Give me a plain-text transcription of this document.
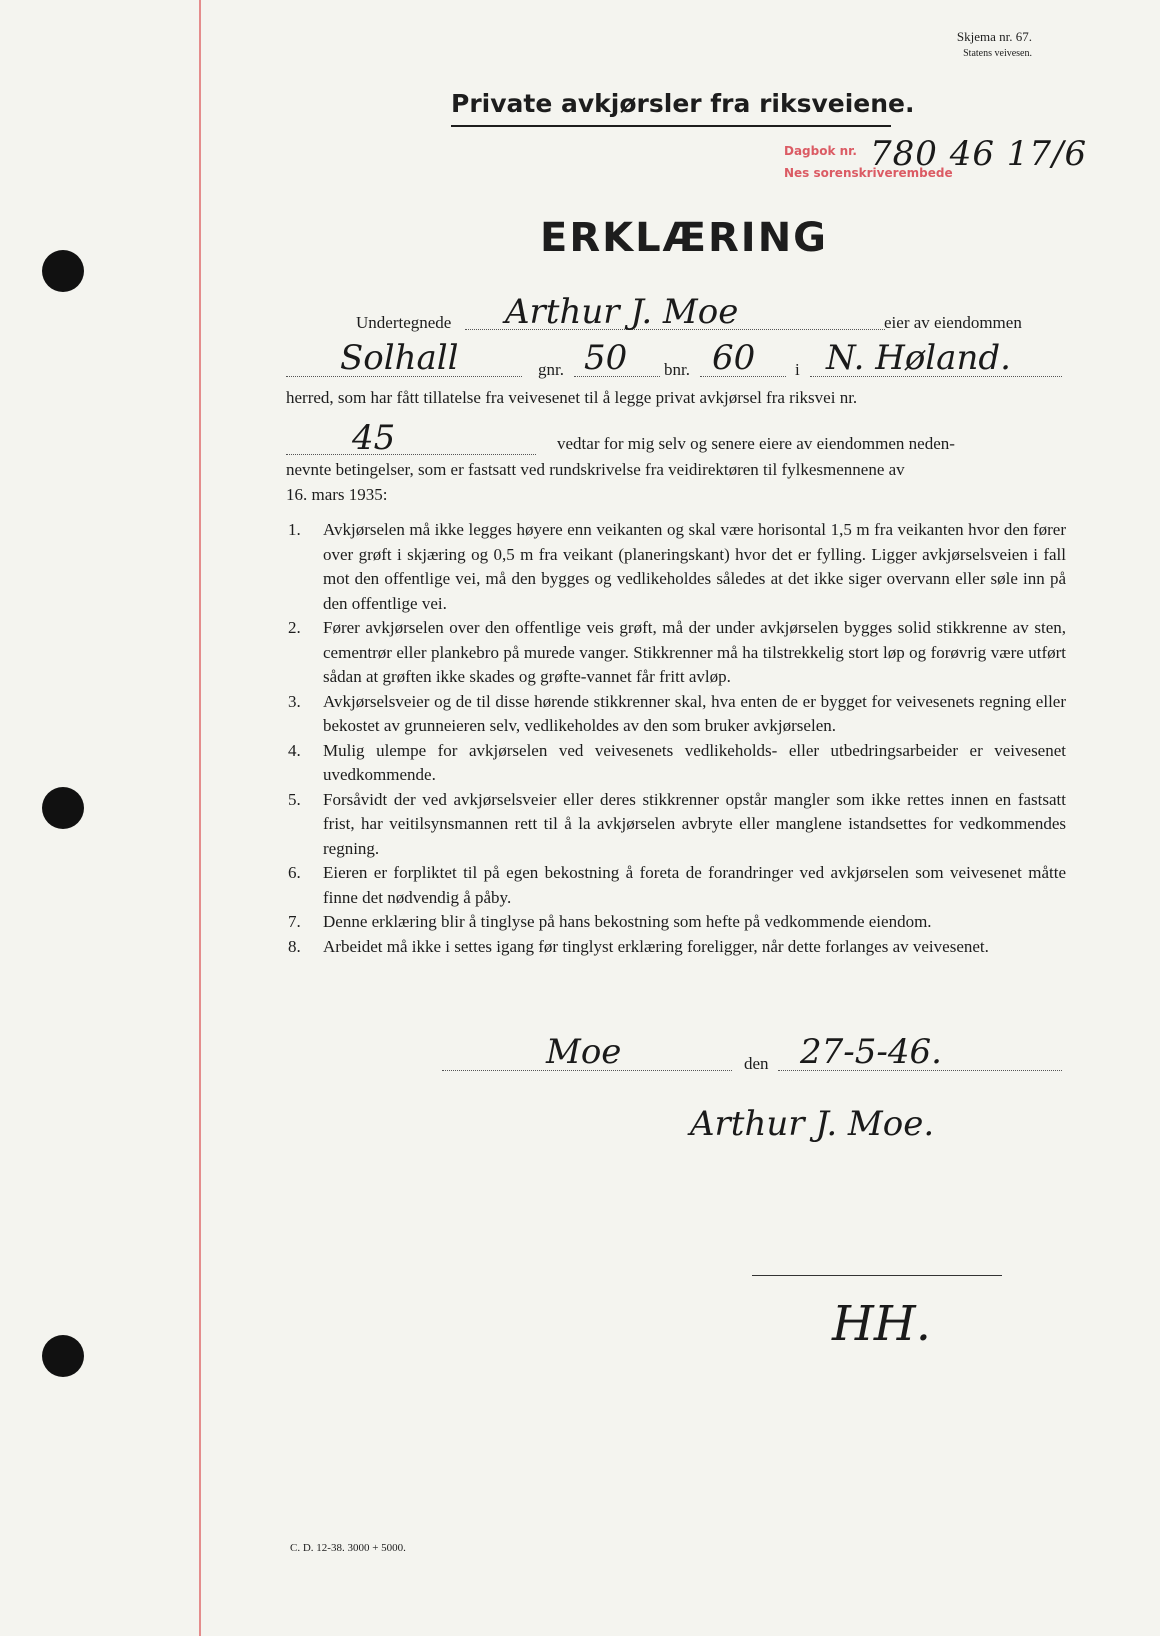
Skjema nr. 67.
Statens veivesen.
Private avkjørsler fra riksveiene.
Dagbok nr.
Nes sorenskriverembede
780 46 17/6
ERKLÆRING
Undertegnede Arthur J. Moe	eier av eiendommen
Solhall	gnr. 50 bnr. 60 i N. Høland.
herred, som har fått tillatelse fra veivesenet til å legge privat avkjørsel fra riksvei nr.
45	vedtar for mig selv og senere eiere av eiendommen neden-
nevnte betingelser, som er fastsatt ved rundskrivelse fra veidirektøren til fylkesmennene av
16. mars 1935:
1. Avkjørselen må ikke legges høyere enn veikanten og skal være horisontal 1,5 m fra veikanten hvor den fører over grøft i skjæring og 0,5 m fra veikant (planeringskant) hvor det er fylling. Ligger avkjørselsveien i fall mot den offentlige vei, må den bygges og vedlikeholdes således at det ikke siger overvann eller søle inn på den offentlige vei.
2. Fører avkjørselen over den offentlige veis grøft, må der under avkjørselen bygges solid stikkrenne av sten, cementrør eller plankebro på murede vanger. Stikkrenner må ha tilstrekkelig stort løp og forøvrig være utført sådan at grøften ikke skades og grøfte-vannet får fritt avløp.
3. Avkjørselsveier og de til disse hørende stikkrenner skal, hva enten de er bygget for veivesenets regning eller bekostet av grunneieren selv, vedlikeholdes av den som bruker avkjørselen.
4. Mulig ulempe for avkjørselen ved veivesenets vedlikeholds- eller utbedringsarbeider er veivesenet uvedkommende.
5. Forsåvidt der ved avkjørselsveier eller deres stikkrenner opstår mangler som ikke rettes innen en fastsatt frist, har veitilsynsmannen rett til å la avkjørselen avbryte eller manglene istandsettes for vedkommendes regning.
6. Eieren er forpliktet til på egen bekostning å foreta de forandringer ved avkjørselen som veivesenet måtte finne det nødvendig å påby.
7. Denne erklæring blir å tinglyse på hans bekostning som hefte på vedkommende eiendom.
8. Arbeidet må ikke i settes igang før tinglyst erklæring foreligger, når dette forlanges av veivesenet.
Moe	den 27-5-46.
Arthur J. Moe.
HH.
C. D. 12-38. 3000 + 5000.
